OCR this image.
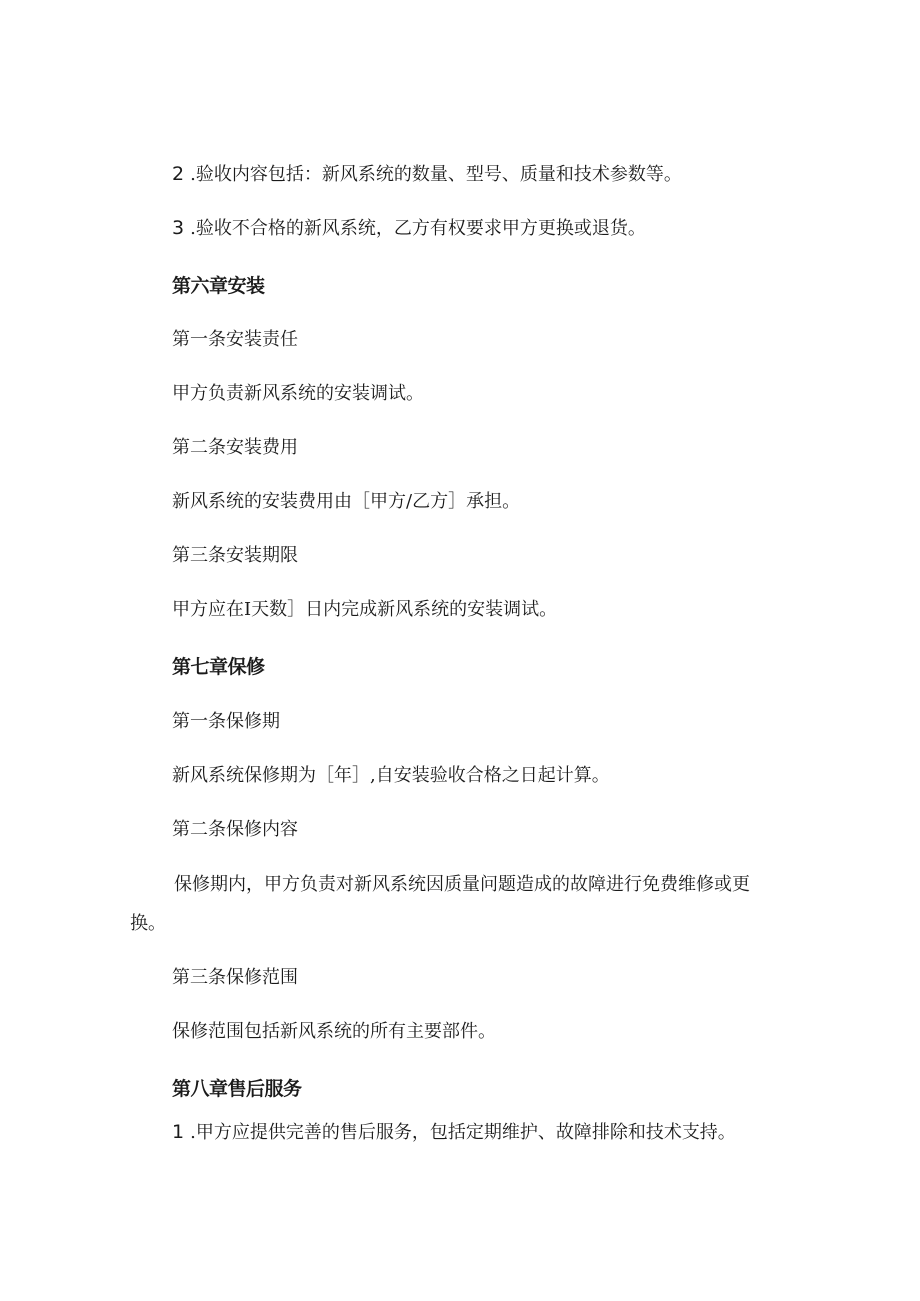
2 .验收内容包括：新风系统的数量、型号、质量和技术参数等。

3 .验收不合格的新风系统，乙方有权要求甲方更换或退货。

第六章安装

第一条安装责任

甲方负责新风系统的安装调试。

第二条安装费用

新风系统的安装费用由［甲方/乙方］承担。

第三条安装期限

甲方应在I天数］日内完成新风系统的安装调试。

第七章保修

第一条保修期

新风系统保修期为［年］,自安装验收合格之日起计算。

第二条保修内容

保修期内，甲方负责对新风系统因质量问题造成的故障进行免费维修或更换。

第三条保修范围

保修范围包括新风系统的所有主要部件。

第八章售后服务

1 .甲方应提供完善的售后服务，包括定期维护、故障排除和技术支持。
